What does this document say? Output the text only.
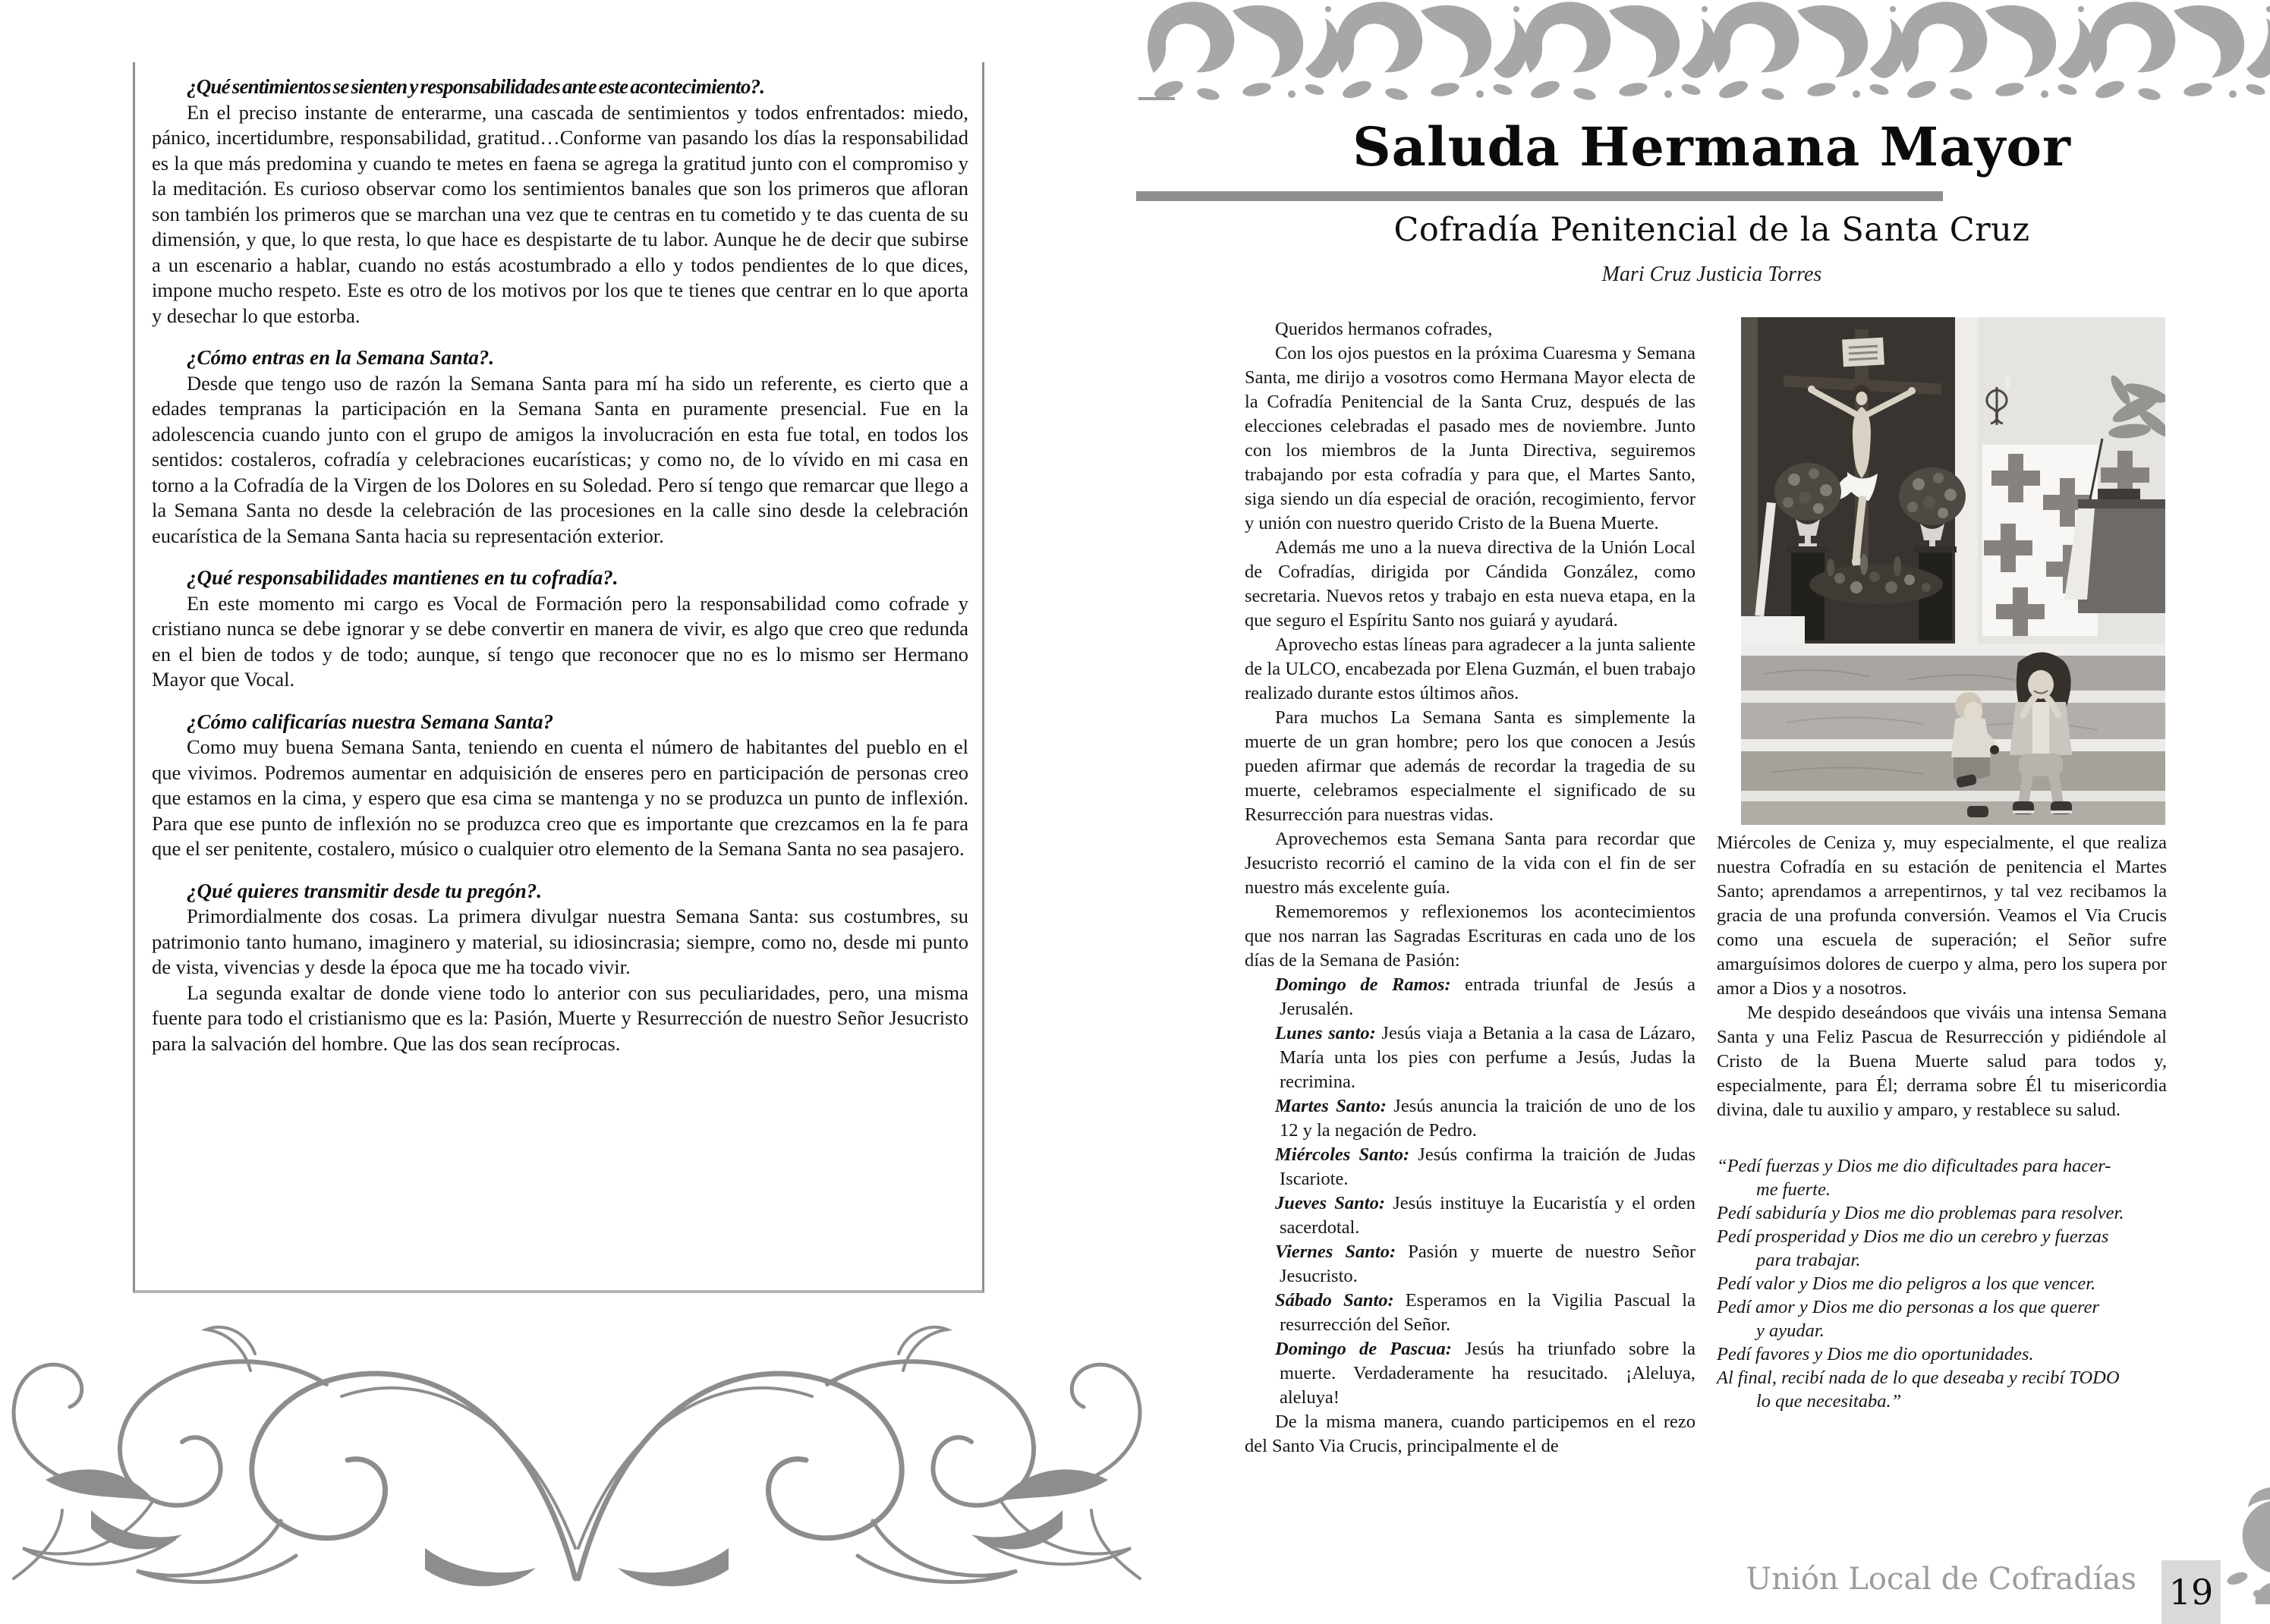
¿Qué sentimientos se sienten y responsabilidades ante este acontecimiento?.

En el preciso instante de enterarme, una cascada de sentimientos y todos enfrentados: miedo, pánico, incertidumbre, responsabilidad, gratitud…Conforme van pasando los días la responsabilidad es la que más predomina y cuando te metes en faena se agrega la gratitud junto con el compromiso y la meditación. Es curioso observar como los sentimientos banales que son los primeros que afloran son también los primeros que se marchan una vez que te centras en tu cometido y te das cuenta de su dimensión, y que, lo que resta, lo que hace es despistarte de tu labor. Aunque he de decir que subirse a un escenario a hablar, cuando no estás acostumbrado a ello y todos pendientes de lo que dices, impone mucho respeto. Este es otro de los motivos por los que te tienes que centrar en lo que aporta y desechar lo que estorba.

¿Cómo entras en la Semana Santa?.

Desde que tengo uso de razón la Semana Santa para mí ha sido un referente, es cierto que a edades tempranas la participación en la Semana Santa en puramente presencial. Fue en la adolescencia cuando junto con el grupo de amigos la involucración en esta fue total, en todos los sentidos: costaleros, cofradía y celebraciones eucarísticas; y como no, de lo vívido en mi casa en torno a la Cofradía de la Virgen de los Dolores en su Soledad. Pero sí tengo que remarcar que llego a la Semana Santa no desde la celebración de las procesiones en la calle sino desde la celebración eucarística de la Semana Santa hacia su representación exterior.

¿Qué responsabilidades mantienes en tu cofradía?.

En este momento mi cargo es Vocal de Formación pero la responsabilidad como cofrade y cristiano nunca se debe ignorar y se debe convertir en manera de vivir, es algo que creo que redunda en el bien de todos y de todo; aunque, sí tengo que reconocer que no es lo mismo ser Hermano Mayor que Vocal.

¿Cómo calificarías nuestra Semana Santa?

Como muy buena Semana Santa, teniendo en cuenta el número de habitantes del pueblo en el que vivimos. Podremos aumentar en adquisición de enseres pero en participación de personas creo que estamos en la cima, y espero que esa cima se mantenga y no se produzca un punto de inflexión. Para que ese punto de inflexión no se produzca creo que es importante que crezcamos en la fe para que el ser penitente, costalero, músico o cualquier otro elemento de la Semana Santa no sea pasajero.

¿Qué quieres transmitir desde tu pregón?.

Primordialmente dos cosas. La primera divulgar nuestra Semana Santa: sus costumbres, su patrimonio tanto humano, imaginero y material, su idiosincrasia; siempre, como no, desde mi punto de vista, vivencias y desde la época que me ha tocado vivir.

La segunda exaltar de donde viene todo lo anterior con sus peculiaridades, pero, una misma fuente para todo el cristianismo que es la: Pasión, Muerte y Resurrección de nuestro Señor Jesucristo para la salvación del hombre. Que las dos sean recíprocas.

Saluda Hermana Mayor
Cofradía Penitencial de la Santa Cruz
Mari Cruz Justicia Torres

Queridos hermanos cofrades,

Con los ojos puestos en la próxima Cuaresma y Semana Santa, me dirijo a vosotros como Hermana Mayor electa de la Cofradía Penitencial de la Santa Cruz, después de las elecciones celebradas el pasado mes de noviembre. Junto con los miembros de la Junta Directiva, seguiremos trabajando por esta cofradía y para que, el Martes Santo, siga siendo un día especial de oración, recogimiento, fervor y unión con nuestro querido Cristo de la Buena Muerte.

Además me uno a la nueva directiva de la Unión Local de Cofradías, dirigida por Cándida González, como secretaria. Nuevos retos y trabajo en esta nueva etapa, en la que seguro el Espíritu Santo nos guiará y ayudará.

Aprovecho estas líneas para agradecer a la junta saliente de la ULCO, encabezada por Elena Guzmán, el buen trabajo realizado durante estos últimos años.

Para muchos La Semana Santa es simplemente la muerte de un gran hombre; pero los que conocen a Jesús pueden afirmar que además de recordar la tragedia de su muerte, celebramos especialmente el significado de su Resurrección para nuestras vidas.

Aprovechemos esta Semana Santa para recordar que Jesucristo recorrió el camino de la vida con el fin de ser nuestro más excelente guía.

Rememoremos y reflexionemos los acontecimientos que nos narran las Sagradas Escrituras en cada uno de los días de la Semana de Pasión:

Domingo de Ramos: entrada triunfal de Jesús a Jerusalén.
Lunes santo: Jesús viaja a Betania a la casa de Lázaro, María unta los pies con perfume a Jesús, Judas la recrimina.
Martes Santo: Jesús anuncia la traición de uno de los 12 y la negación de Pedro.
Miércoles Santo: Jesús confirma la traición de Judas Iscariote.
Jueves Santo: Jesús instituye la Eucaristía y el orden sacerdotal.
Viernes Santo: Pasión y muerte de nuestro Señor Jesucristo.
Sábado Santo: Esperamos en la Vigilia Pascual la resurrección del Señor.
Domingo de Pascua: Jesús ha triunfado sobre la muerte. Verdaderamente ha resucitado. ¡Aleluya, aleluya!

De la misma manera, cuando participemos en el rezo del Santo Via Crucis, principalmente el de

Miércoles de Ceniza y, muy especialmente, el que realiza nuestra Cofradía en su estación de penitencia el Martes Santo; aprendamos a arrepentirnos, y tal vez recibamos la gracia de una profunda conversión. Veamos el Via Crucis como una escuela de superación; el Señor sufre amarguísimos dolores de cuerpo y alma, pero los supera por amor a Dios y a nosotros.

Me despido deseándoos que viváis una intensa Semana Santa y una Feliz Pascua de Resurrección y pidiéndole al Cristo de la Buena Muerte salud para todos y, especialmente, para Él; derrama sobre Él tu misericordia divina, dale tu auxilio y amparo, y restablece su salud.

“Pedí fuerzas y Dios me dio dificultades para hacer-
me fuerte.
Pedí sabiduría y Dios me dio problemas para resolver.
Pedí prosperidad y Dios me dio un cerebro y fuerzas
para trabajar.
Pedí valor y Dios me dio peligros a los que vencer.
Pedí amor y Dios me dio personas a los que querer
y ayudar.
Pedí favores y Dios me dio oportunidades.
Al final, recibí nada de lo que deseaba y recibí TODO
lo que necesitaba.”
Unión Local de Cofradías 19
